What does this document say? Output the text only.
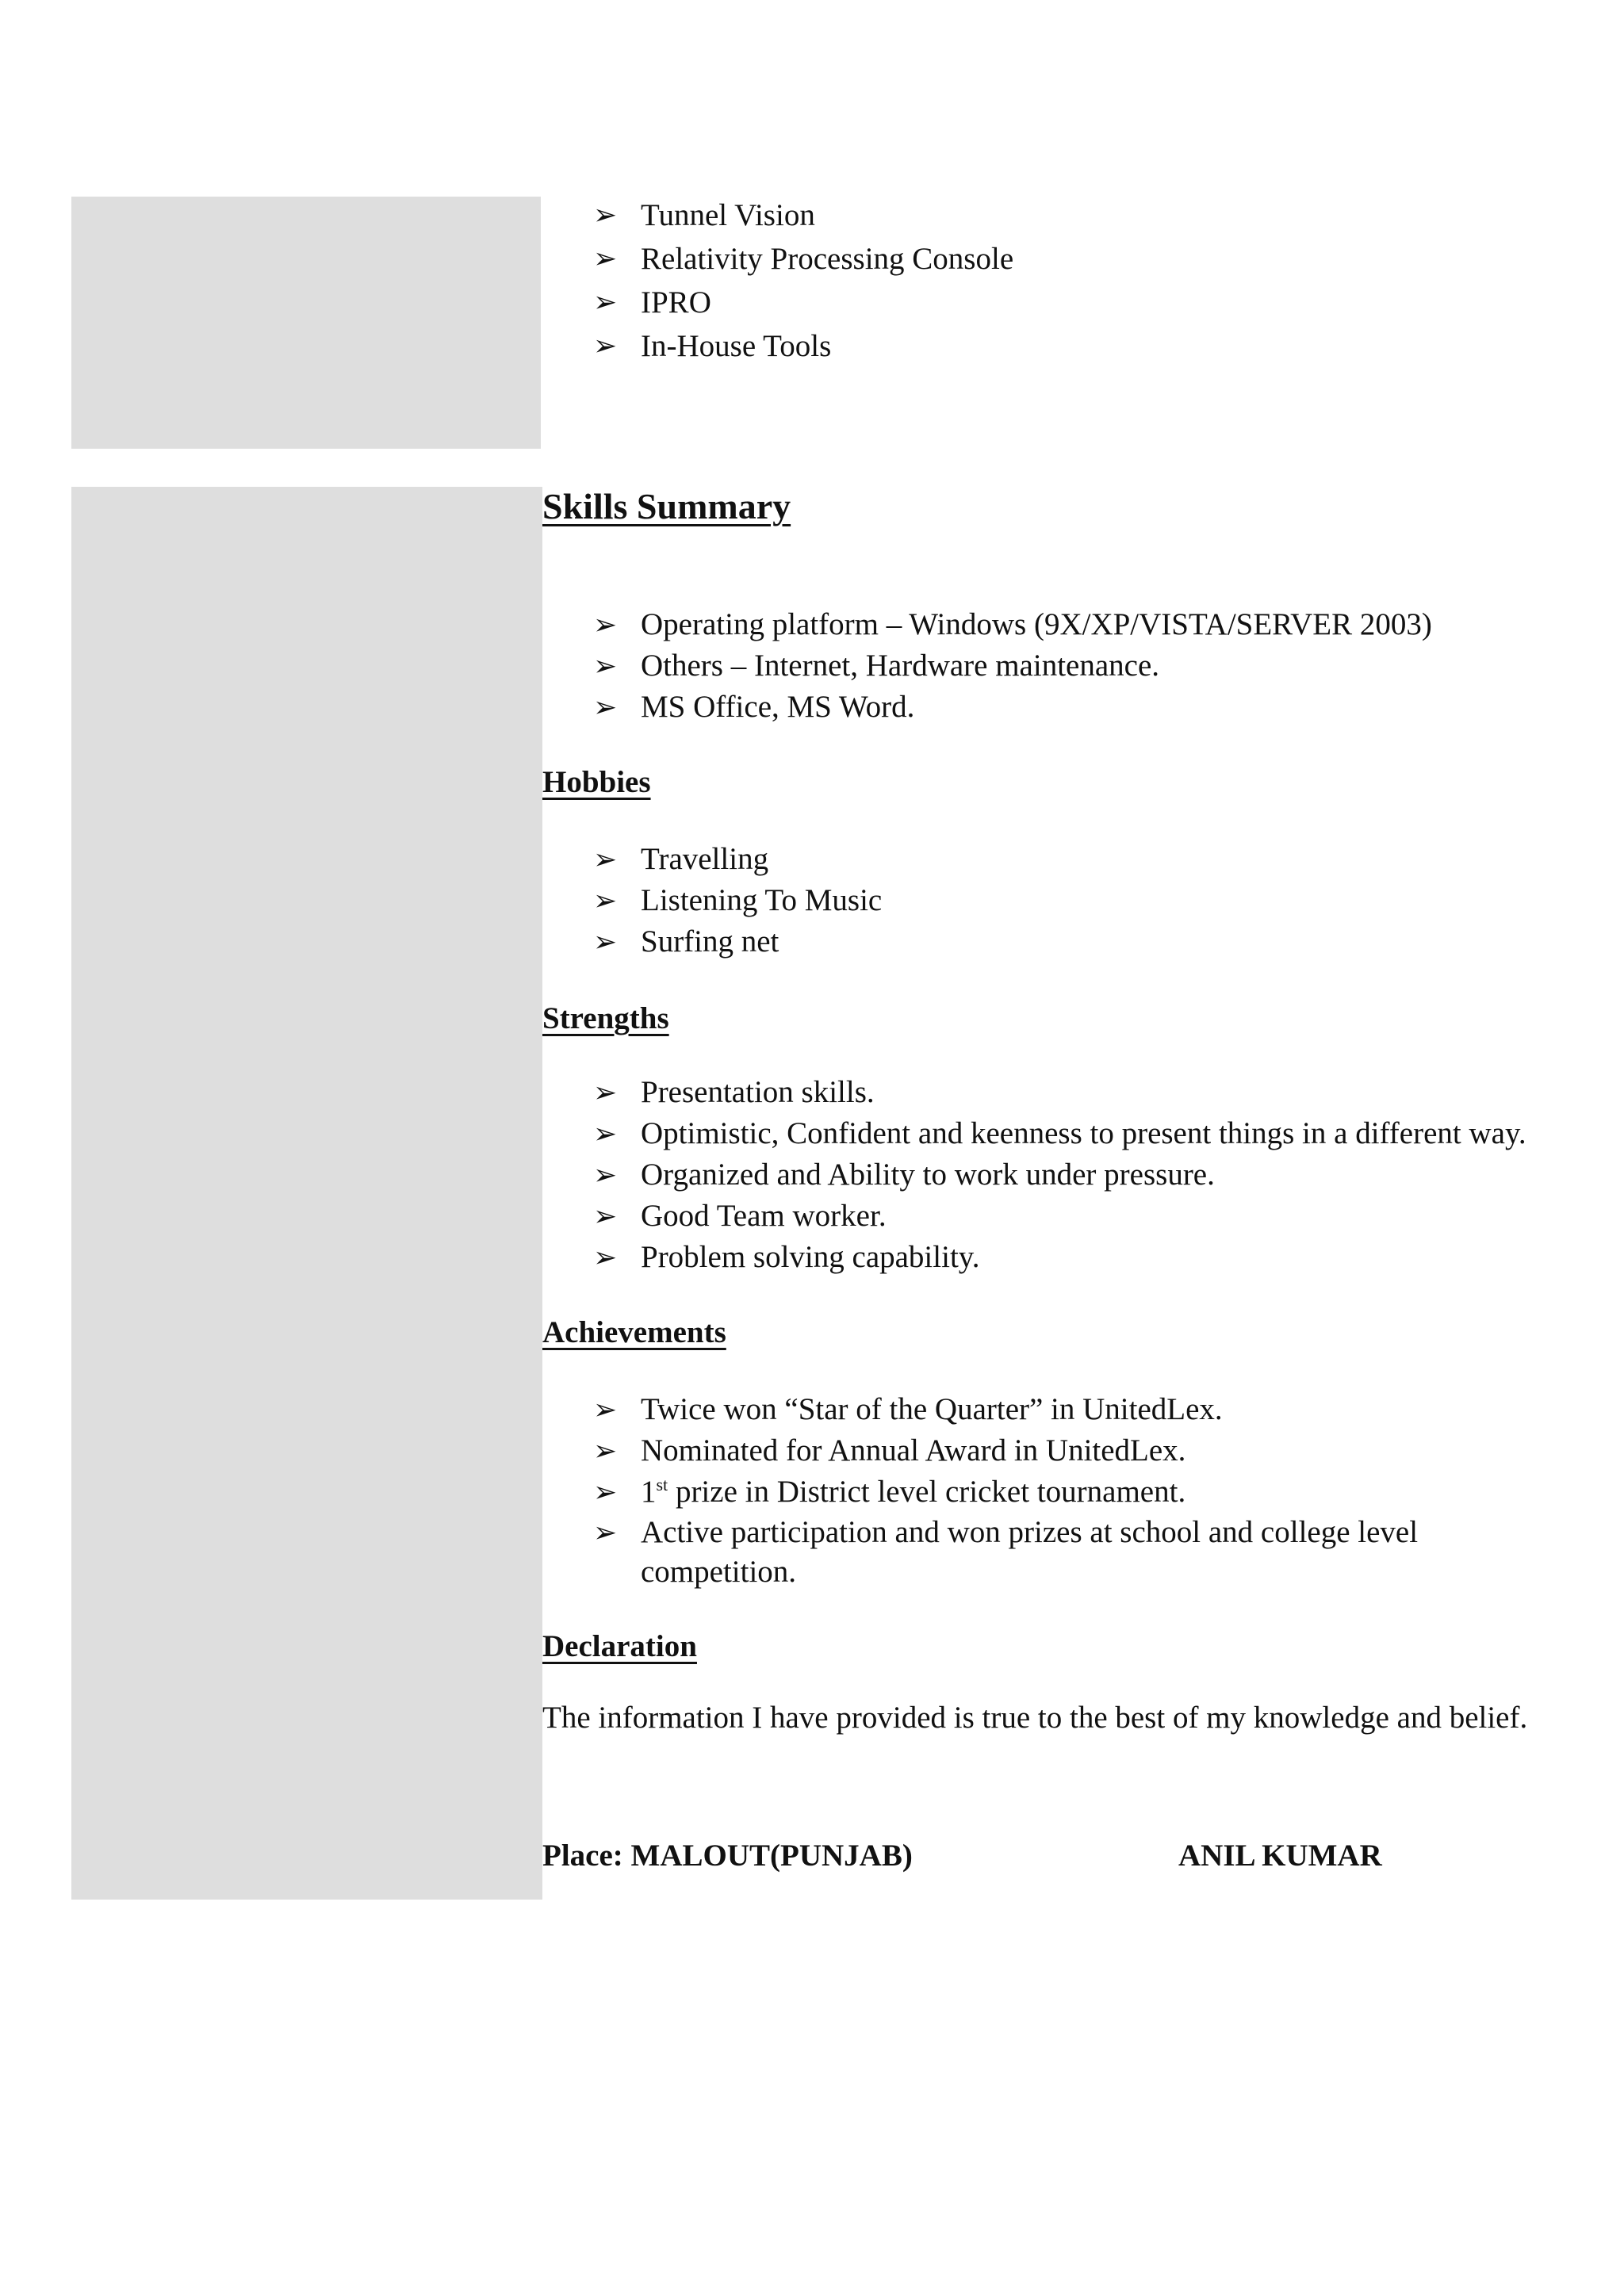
➢ Tunnel Vision
➢ Relativity Processing Console
➢ IPRO
➢ In-House Tools
Skills Summary
➢ Operating platform – Windows (9X/XP/VISTA/SERVER 2003)
➢ Others – Internet, Hardware maintenance.
➢ MS Office, MS Word.
Hobbies
➢ Travelling
➢ Listening To Music
➢ Surfing net
Strengths
➢ Presentation skills.
➢ Optimistic, Confident and keenness to present things in a different way.
➢ Organized and Ability to work under pressure.
➢ Good Team worker.
➢ Problem solving capability.
Achievements
➢ Twice won “Star of the Quarter” in UnitedLex.
➢ Nominated for Annual Award in UnitedLex.
➢ 1st prize in District level cricket tournament.
➢ Active participation and won prizes at school and college level competition.
Declaration
The information I have provided is true to the best of my knowledge and belief.
Place: MALOUT(PUNJAB)	ANIL KUMAR
